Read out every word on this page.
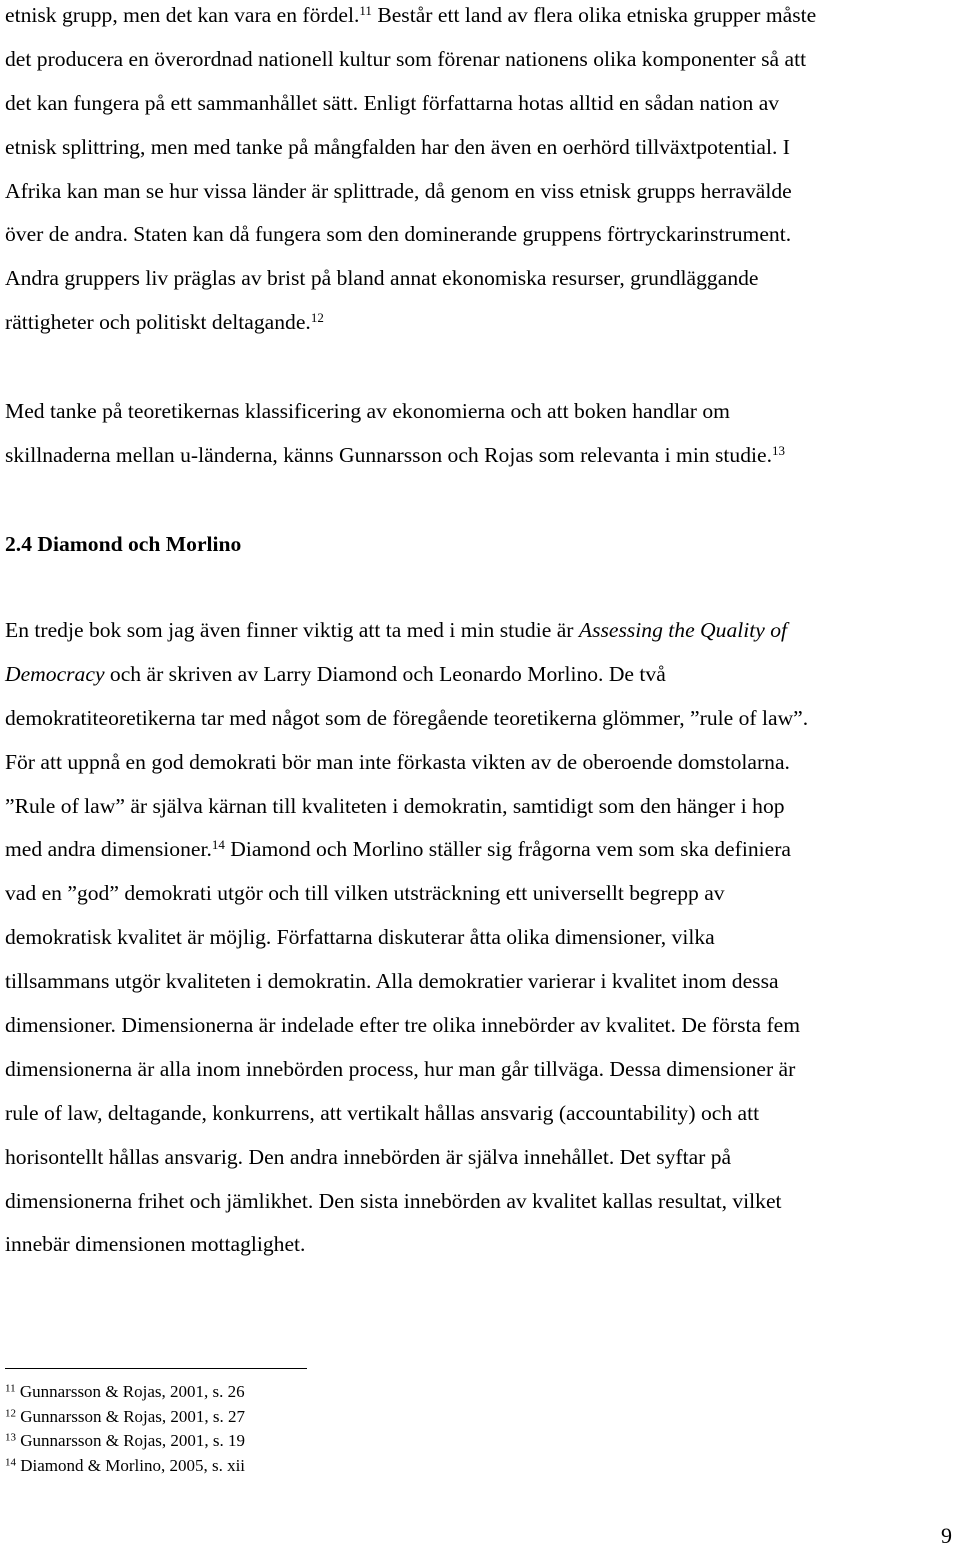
etnisk grupp, men det kan vara en fördel.$^{11}$ Består ett land av flera olika etniska grupper måste
det producera en överordnad nationell kultur som förenar nationens olika komponenter så att
det kan fungera på ett sammanhållet sätt. Enligt författarna hotas alltid en sådan nation av
etnisk splittring, men med tanke på mångfalden har den även en oerhörd tillväxtpotential. I
Afrika kan man se hur vissa länder är splittrade, då genom en viss etnisk grupps herravälde
över de andra. Staten kan då fungera som den dominerande gruppens förtryckarinstrument.
Andra gruppers liv präglas av brist på bland annat ekonomiska resurser, grundläggande
rättigheter och politiskt deltagande.$^{12}$

Med tanke på teoretikernas klassificering av ekonomierna och att boken handlar om
skillnaderna mellan u-länderna, känns Gunnarsson och Rojas som relevanta i min studie.$^{13}$

2.4 Diamond och Morlino

En tredje bok som jag även finner viktig att ta med i min studie är Assessing the Quality of
Democracy och är skriven av Larry Diamond och Leonardo Morlino. De två
demokratiteoretikerna tar med något som de föregående teoretikerna glömmer, ”rule of law”.
För att uppnå en god demokrati bör man inte förkasta vikten av de oberoende domstolarna.
”Rule of law” är själva kärnan till kvaliteten i demokratin, samtidigt som den hänger i hop
med andra dimensioner.$^{14}$ Diamond och Morlino ställer sig frågorna vem som ska definiera
vad en ”god” demokrati utgör och till vilken utsträckning ett universellt begrepp av
demokratisk kvalitet är möjlig. Författarna diskuterar åtta olika dimensioner, vilka
tillsammans utgör kvaliteten i demokratin. Alla demokratier varierar i kvalitet inom dessa
dimensioner. Dimensionerna är indelade efter tre olika innebörder av kvalitet. De första fem
dimensionerna är alla inom innebörden process, hur man går tillväga. Dessa dimensioner är
rule of law, deltagande, konkurrens, att vertikalt hållas ansvarig (accountability) och att
horisontellt hållas ansvarig. Den andra innebörden är själva innehållet. Det syftar på
dimensionerna frihet och jämlikhet. Den sista innebörden av kvalitet kallas resultat, vilket
innebär dimensionen mottaglighet.

$^{11}$ Gunnarsson & Rojas, 2001, s. 26
$^{12}$ Gunnarsson & Rojas, 2001, s. 27
$^{13}$ Gunnarsson & Rojas, 2001, s. 19
$^{14}$ Diamond & Morlino, 2005, s. xii
9
